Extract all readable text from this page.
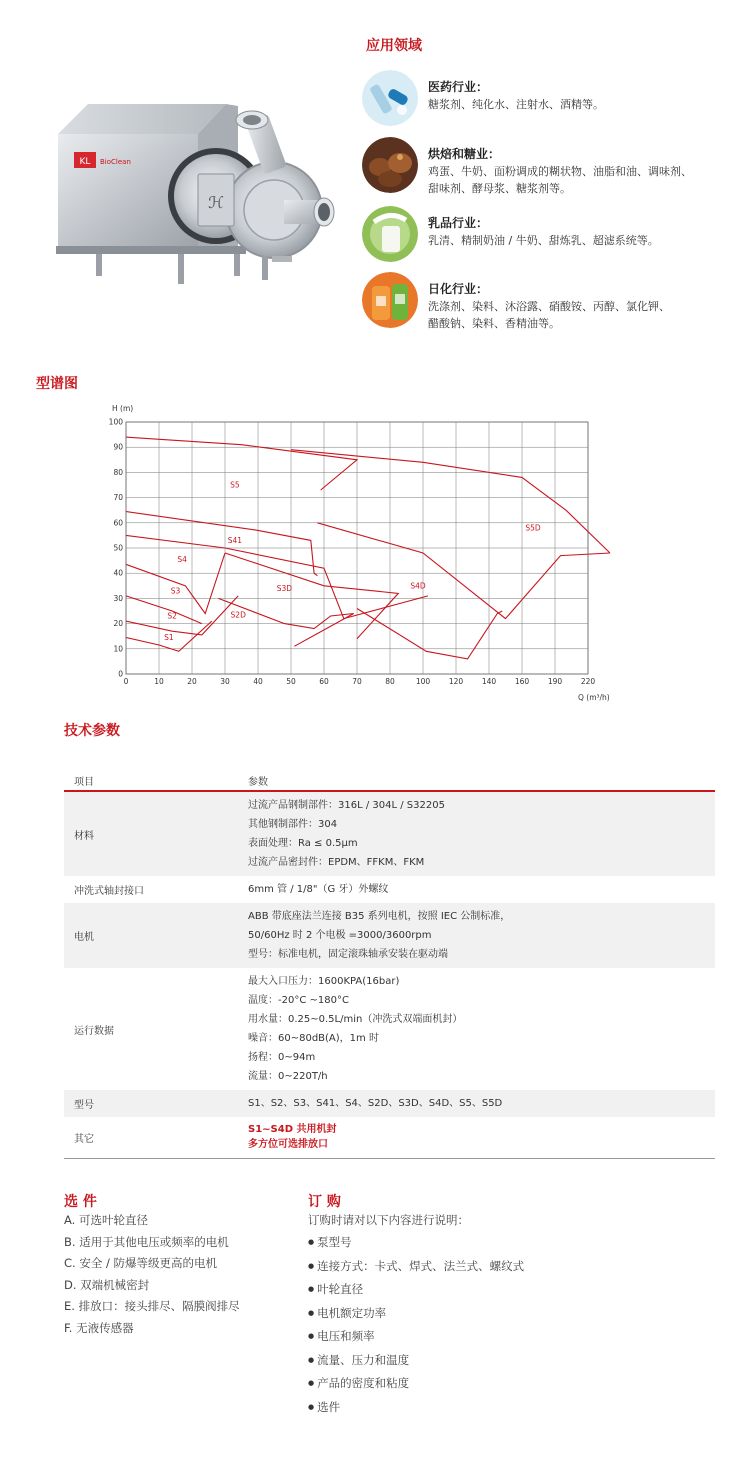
KL BioClean
ℋ
应用领域
医药行业：
糖浆剂、纯化水、注射水、酒精等。
烘焙和糖业：
鸡蛋、牛奶、面粉调成的糊状物、油脂和油、调味剂、
甜味剂、酵母浆、糖浆剂等。
乳品行业：
乳清、精制奶油 / 牛奶、甜炼乳、超滤系统等。
日化行业：
洗涤剂、染料、沐浴露、硝酸铵、丙醇、氯化钾、
醋酸钠、染料、香精油等。
型谱图
0	10	20	30	40	50	60	70	80	100 120 140 160 190 220
0
10
20
30
40
50
60
70
80
90
100
S1
S2
S3
S4
S2D
S3D
S41
S4D
S5
S5D
H (m)
Q (m³/h)
技术参数
项目	参数
材料
过流产品钢制部件：316L / 304L / S32205
其他钢制部件：304
表面处理：Ra ≤ 0.5μm
过流产品密封件：EPDM、FFKM、FKM
冲洗式轴封接口	6mm 管 / 1/8"（G 牙）外螺纹
电机
ABB 带底座法兰连接 B35 系列电机，按照 IEC 公制标准，
50/60Hz 时 2 个电极 =3000/3600rpm
型号：标准电机，固定滚珠轴承安装在驱动端
运行数据
最大入口压力：1600KPA(16bar)
温度：-20°C ~180°C
用水量：0.25~0.5L/min（冲洗式双端面机封）
噪音：60~80dB(A)，1m 时
扬程：0~94m
流量：0~220T/h
型号	S1、S2、S3、S41、S4、S2D、S3D、S4D、S5、S5D
其它
S1~S4D 共用机封
多方位可选排放口
选 件
A. 可选叶轮直径
B. 适用于其他电压或频率的电机
C. 安全 / 防爆等级更高的电机
D. 双端机械密封
E. 排放口：接头排尽、隔膜阀排尽
F. 无液传感器
订 购
订购时请对以下内容进行说明：
● 泵型号
● 连接方式：卡式、焊式、法兰式、螺纹式
● 叶轮直径
● 电机额定功率
● 电压和频率
● 流量、压力和温度
● 产品的密度和粘度
● 选件
